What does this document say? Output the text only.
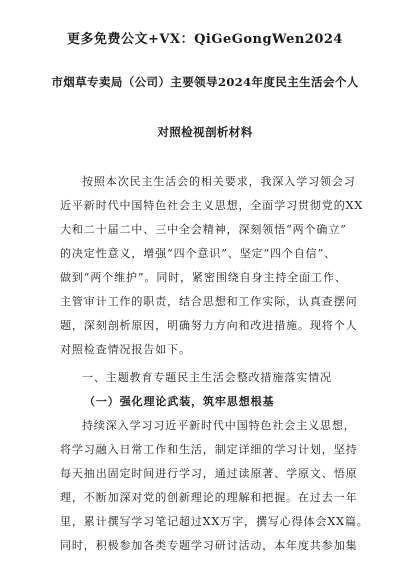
更多免费公文+VX：QiGeGongWen2024
市烟草专卖局（公司）主要领导2024年度民主生活会个人
对照检视剖析材料
按照本次民主生活会的相关要求，我深入学习领会习
近平新时代中国特色社会主义思想，全面学习贯彻党的XX
大和二十届二中、三中全会精神，深刻领悟“两个确立”
的决定性意义，增强“四个意识”、坚定“四个自信”、
做到“两个维护”。同时，紧密围绕自身主持全面工作、
主管审计工作的职责，结合思想和工作实际，认真查摆问
题，深刻剖析原因，明确努力方向和改进措施。现将个人
对照检查情况报告如下。
一、主题教育专题民主生活会整改措施落实情况
（一）强化理论武装，筑牢思想根基
持续深入学习习近平新时代中国特色社会主义思想，
将学习融入日常工作和生活，制定详细的学习计划，坚持
每天抽出固定时间进行学习，通过读原著、学原文、悟原
理，不断加深对党的创新理论的理解和把握。在过去一年
里，累计撰写学习笔记超过XX万字，撰写心得体会XX篇。
同时，积极参加各类专题学习研讨活动，本年度共参加集
